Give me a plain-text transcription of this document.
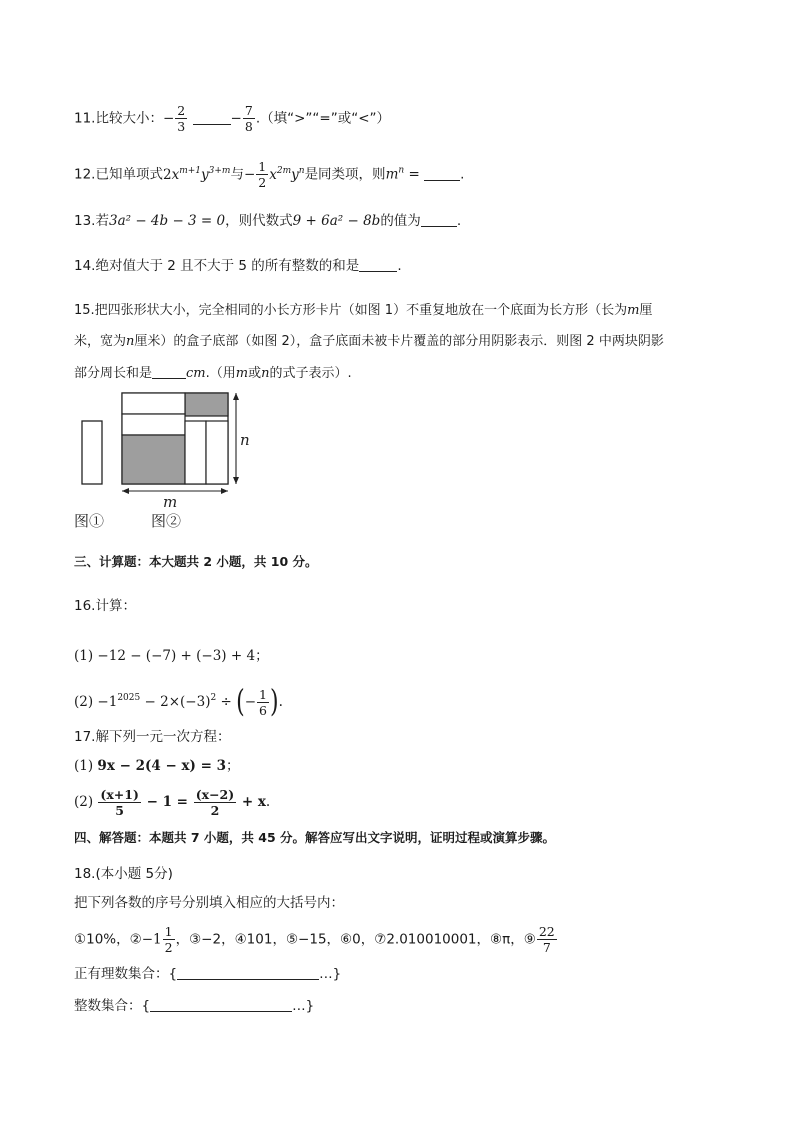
11.比较大小：− $\frac{2}{3}$	− $\frac{7}{8}$ .（填“>”“=”或“<”）
12.已知单项式$2x^{m+1}y^{3+m}$与− $\frac{1}{2} x^{2m}y^n$是同类项，则$m^n$ =	.
13.若3a² − 4b − 3 = 0，则代数式9 + 6a² − 8b的值为	.
14.绝对值大于 2 且不大于 5 的所有整数的和是	.
15.把四张形状大小，完全相同的小长方形卡片（如图 1）不重复地放在一个底面为长方形（长为m厘
米，宽为n厘米）的盒子底部（如图 2），盒子底面未被卡片覆盖的部分用阴影表示．则图 2 中两块阴影
部分周长和是	cm.（用m或n的式子表示）.
n
m
图①	图②
三、计算题：本大题共 2 小题，共 10 分。
16.计算：
(1) −12 − (−7) + (−3) + 4；
$(2) -1^{2025} - 2\times(-3)^2$ ÷ (− $\frac{1}{6}$ ).
17.解下列一元一次方程：
(1) 9x − 2(4 − x) = 3；
$(2) \frac{(x+1)}{5} - 1 = \frac{(x-2)}{2} + x$.
四、解答题：本题共 7 小题，共 45 分。解答应写出文字说明，证明过程或演算步骤。
18.(本小题 5分)
把下列各数的序号分别填入相应的大括号内：
①10%，②−1 $\frac{1}{2}$ ，③−2，④101，⑤−15，⑥0，⑦2.010010001，⑧π，⑨ $\frac{22}{7}$
正有理数集合：{	…}
整数集合：{	…}
